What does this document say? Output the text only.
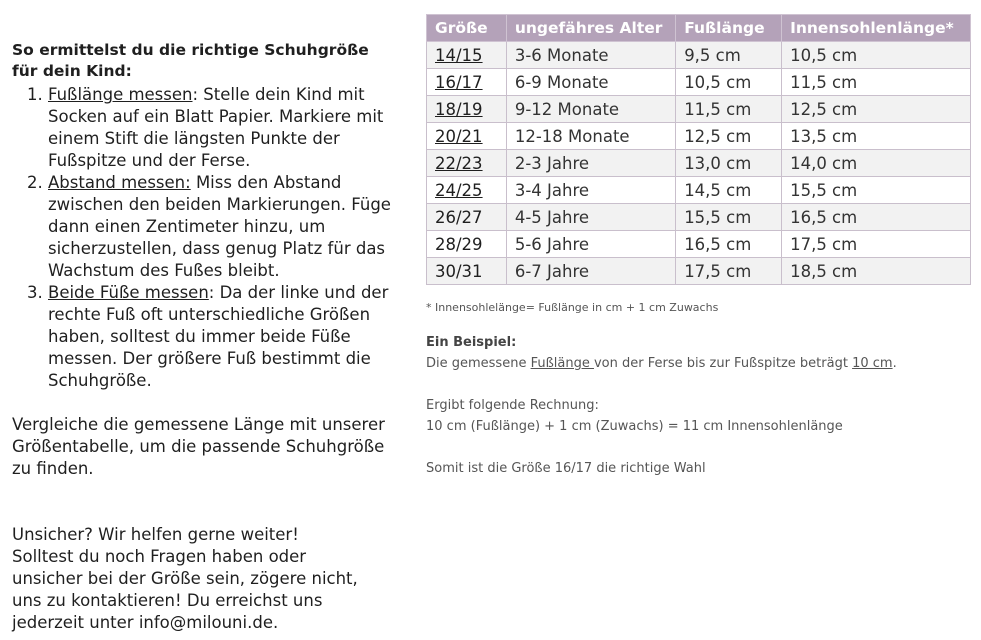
So ermittelst du die richtige Schuhgröße
für dein Kind:
1. Fußlänge messen: Stelle dein Kind mit Socken auf ein Blatt Papier. Markiere mit einem Stift die längsten Punkte der Fußspitze und der Ferse.
2. Abstand messen: Miss den Abstand zwischen den beiden Markierungen. Füge dann einen Zentimeter hinzu, um sicherzustellen, dass genug Platz für das Wachstum des Fußes bleibt.
3. Beide Füße messen: Da der linke und der rechte Fuß oft unterschiedliche Größen haben, solltest du immer beide Füße messen. Der größere Fuß bestimmt die Schuhgröße.
Vergleiche die gemessene Länge mit unserer Größentabelle, um die passende Schuhgröße zu finden.
Unsicher? Wir helfen gerne weiter!
Solltest du noch Fragen haben oder
unsicher bei der Größe sein, zögere nicht,
uns zu kontaktieren! Du erreichst uns
jederzeit unter info@milouni.de.
Größe	ungefähres Alter	Fußlänge	Innensohlenlänge*
14/15	3-6 Monate	9,5 cm	10,5 cm
16/17	6-9 Monate	10,5 cm	11,5 cm
18/19	9-12 Monate	11,5 cm	12,5 cm
20/21	12-18 Monate	12,5 cm	13,5 cm
22/23	2-3 Jahre	13,0 cm	14,0 cm
24/25	3-4 Jahre	14,5 cm	15,5 cm
26/27	4-5 Jahre	15,5 cm	16,5 cm
28/29	5-6 Jahre	16,5 cm	17,5 cm
30/31	6-7 Jahre	17,5 cm	18,5 cm
* Innensohlelänge= Fußlänge in cm + 1 cm Zuwachs
Ein Beispiel:
Die gemessene Fußlänge von der Ferse bis zur Fußspitze beträgt 10 cm.
Ergibt folgende Rechnung:
10 cm (Fußlänge) + 1 cm (Zuwachs) = 11 cm Innensohlenlänge
Somit ist die Größe 16/17 die richtige Wahl
